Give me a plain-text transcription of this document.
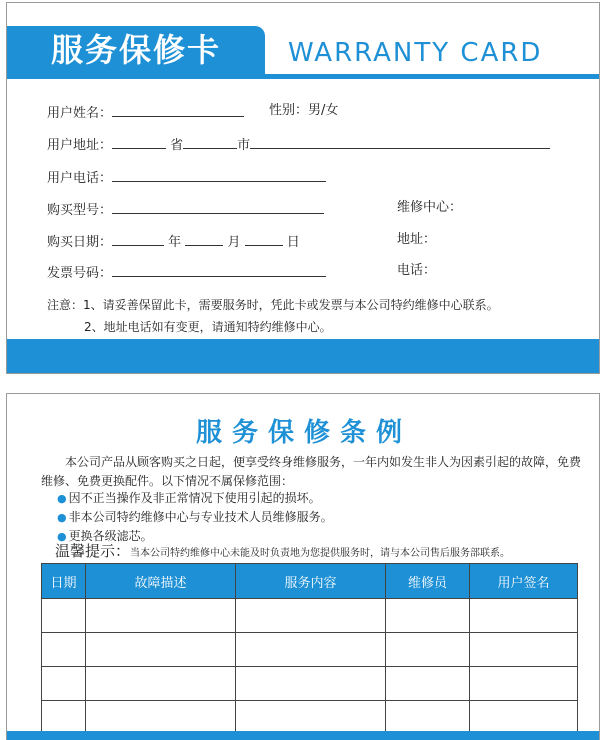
服务保修卡	WARRANTY CARD
用户姓名：	性别：男/女
用户地址：	省	市
用户电话：
购买型号：	维修中心：
购买日期：	年	月	日	地址：
发票号码：	电话：
注意：1、请妥善保留此卡，需要服务时，凭此卡或发票与本公司特约维修中心联系。
2、地址电话如有变更，请通知特约维修中心。
服务保修条例
本公司产品从顾客购买之日起，便享受终身维修服务，一年内如发生非人为因素引起的故障，免费维修、免费更换配件。以下情况不属保修范围：
● 因不正当操作及非正常情况下使用引起的损坏。
● 非本公司特约维修中心与专业技术人员维修服务。
● 更换各级滤芯。
温馨提示：当本公司特约维修中心未能及时负责地为您提供服务时，请与本公司售后服务部联系。
日期	故障描述	服务内容	维修员	用户签名
